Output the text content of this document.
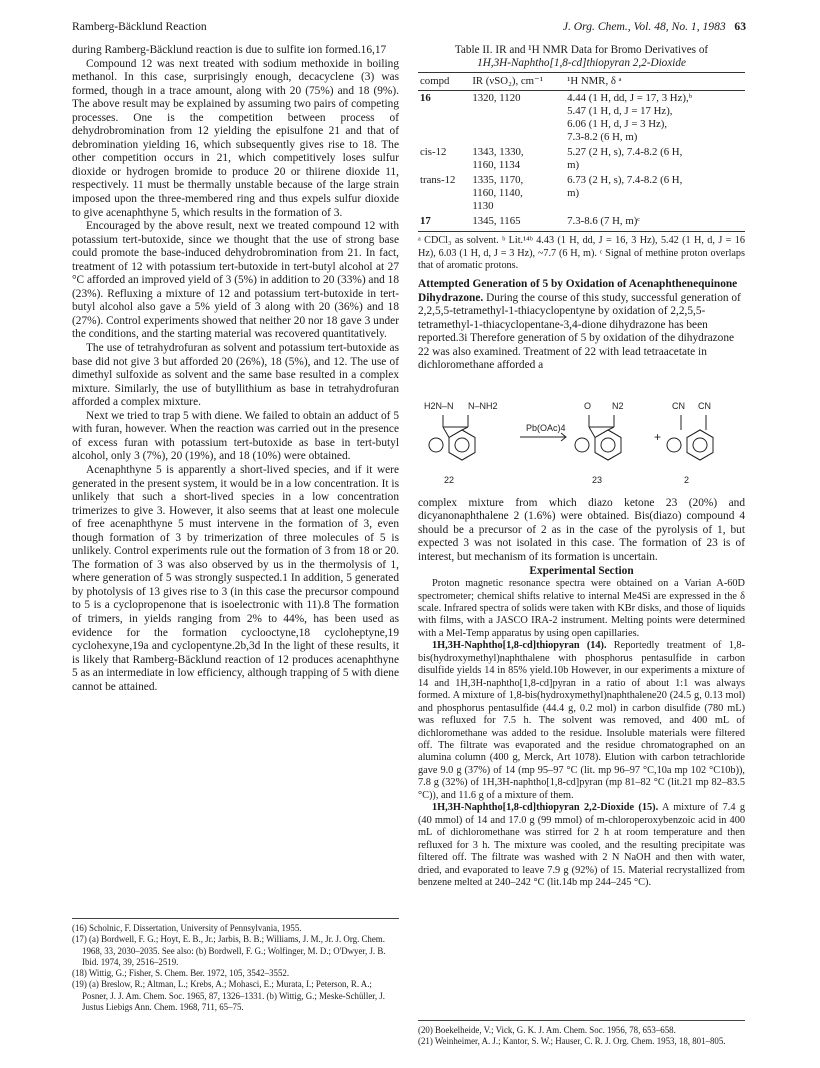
Ramberg-Bäcklund Reaction	J. Org. Chem., Vol. 48, No. 1, 1983 63

during Ramberg-Bäcklund reaction is due to sulfite ion formed.16,17

Compound 12 was next treated with sodium methoxide in boiling methanol. In this case, surprisingly enough, decacyclene (3) was formed, though in a trace amount, along with 20 (75%) and 18 (9%). The above result may be explained by assuming two pairs of competing processes. One is the competition between process of dehydrobromination from 12 yielding the episulfone 21 and that of debromination yielding 16, which subsequently gives rise to 18. The other competition occurs in 21, which competitively loses sulfur dioxide or hydrogen bromide to produce 20 or thiirene dioxide 11, respectively. 11 must be thermally unstable because of the large strain imposed upon the three-membered ring and thus expels sulfur dioxide to give acenaphthyne 5, which results in the formation of 3.

Encouraged by the above result, next we treated compound 12 with potassium tert-butoxide, since we thought that the use of strong base could promote the base-induced dehydrobromination from 21. In fact, treatment of 12 with potassium tert-butoxide in tert-butyl alcohol at 27 °C afforded an improved yield of 3 (5%) in addition to 20 (33%) and 18 (23%). Refluxing a mixture of 12 and potassium tert-butoxide in tert-butyl alcohol also gave a 5% yield of 3 along with 20 (36%) and 18 (27%). Control experiments showed that neither 20 nor 18 gave 3 under the conditions, and the starting material was recovered quantitatively.

The use of tetrahydrofuran as solvent and potassium tert-butoxide as base did not give 3 but afforded 20 (26%), 18 (5%), and 12. The use of dimethyl sulfoxide as solvent and the same base resulted in a complex mixture. Similarly, the use of butyllithium as base in tetrahydrofuran afforded a complex mixture.

Next we tried to trap 5 with diene. We failed to obtain an adduct of 5 with furan, however. When the reaction was carried out in the presence of excess furan with potassium tert-butoxide as base in tert-butyl alcohol, only 3 (7%), 20 (19%), and 18 (10%) were obtained.

Acenaphthyne 5 is apparently a short-lived species, and if it were generated in the present system, it would be in a low concentration. It is unlikely that such a short-lived species in a low concentration trimerizes to give 3. However, it also seems that at least one molecule of free acenaphthyne 5 must intervene in the formation of 3, even though formation of 3 by trimerization of three molecules of 5 is unlikely. Control experiments rule out the formation of 3 from 18 or 20. The formation of 3 was also observed by us in the thermolysis of 1, where generation of 5 was strongly suspected.1 In addition, 5 generated by photolysis of 13 gives rise to 3 (in this case the precursor compound to 5 is a cyclopropenone that is isoelectronic with 11).8 The formation of trimers, in yields ranging from 2% to 44%, has been used as evidence for the formation cyclooctyne,18 cycloheptyne,19 cyclohexyne,19a and cyclopentyne.2b,3d In the light of these results, it is likely that Ramberg-Bäcklund reaction of 12 produces acenaphthyne 5 as an intermediate in low efficiency, although trapping of 5 with diene cannot be attained.

(16) Scholnic, F. Dissertation, University of Pennsylvania, 1955.
(17) (a) Bordwell, F. G.; Hoyt, E. B., Jr.; Jarbis, B. B.; Williams, J. M., Jr. J. Org. Chem. 1968, 33, 2030–2035. See also: (b) Bordwell, F. G.; Wolfinger, M. D.; O'Dwyer, J. B. Ibid. 1974, 39, 2516–2519.
(18) Wittig, G.; Fisher, S. Chem. Ber. 1972, 105, 3542–3552.
(19) (a) Breslow, R.; Altman, L.; Krebs, A.; Mohasci, E.; Murata, I.; Peterson, R. A.; Posner, J. J. Am. Chem. Soc. 1965, 87, 1326–1331. (b) Wittig, G.; Meske-Schüller, J. Justus Liebigs Ann. Chem. 1968, 711, 65–75.
Table II. IR and ¹H NMR Data for Bromo Derivatives of
1H,3H-Naphtho[1,8-cd]thiopyran 2,2-Dioxide
compd	IR (νSO₂), cm⁻¹	¹H NMR, δ ᵃ
16	1320, 1120	4.44 (1 H, dd, J = 17, 3 Hz),ᵇ
5.47 (1 H, d, J = 17 Hz),
6.06 (1 H, d, J = 3 Hz),
7.3-8.2 (6 H, m)
cis-12	1343, 1330,
1160, 1134	5.27 (2 H, s), 7.4-8.2 (6 H,
m)
trans-12	1335, 1170,
1160, 1140,
1130	6.73 (2 H, s), 7.4-8.2 (6 H,
m)
17	1345, 1165	7.3-8.6 (7 H, m)ᶜ
ᵃ CDCl₃ as solvent. ᵇ Lit.¹⁴ᵇ 4.43 (1 H, dd, J = 16, 3 Hz), 5.42 (1 H, d, J = 16 Hz), 6.03 (1 H, d, J = 3 Hz), ~7.7 (6 H, m). ᶜ Signal of methine proton overlaps that of aromatic protons.

Attempted Generation of 5 by Oxidation of Acenaphthenequinone Dihydrazone. During the course of this study, successful generation of 2,2,5,5-tetramethyl-1-thiacyclopentyne by oxidation of 2,2,5,5-tetramethyl-1-thiacyclopentane-3,4-dione dihydrazone has been reported.3i Therefore generation of 5 by oxidation of the dihydrazone 22 was also examined. Treatment of 22 with lead tetraacetate in dichloromethane afforded a

H2N–N N–NH2	O N2	CN CN
Pb(OAc)4
+
22	23	2

complex mixture from which diazo ketone 23 (20%) and dicyanonaphthalene 2 (1.6%) were obtained. Bis(diazo) compound 4 should be a precursor of 2 as in the case of the pyrolysis of 1, but expected 3 was not isolated in this case. The formation of 23 is of interest, but mechanism of its formation is uncertain.

Experimental Section

Proton magnetic resonance spectra were obtained on a Varian A-60D spectrometer; chemical shifts relative to internal Me4Si are expressed in the δ scale. Infrared spectra of solids were taken with KBr disks, and those of liquids with films, with a JASCO IRA-2 instrument. Melting points were determined with a Mel-Temp apparatus by using open capillaries.

1H,3H-Naphtho[1,8-cd]thiopyran (14). Reportedly treatment of 1,8-bis(hydroxymethyl)naphthalene with phosphorus pentasulfide in carbon disulfide yields 14 in 85% yield.10b However, in our experiments a mixture of 14 and 1H,3H-naphtho[1,8-cd]pyran in a ratio of about 1:1 was always formed. A mixture of 1,8-bis(hydroxymethyl)naphthalene20 (24.5 g, 0.13 mol) and phosphorus pentasulfide (44.4 g, 0.2 mol) in carbon disulfide (780 mL) was refluxed for 7.5 h. The solvent was removed, and 400 mL of dichloromethane was added to the residue. Insoluble materials were filtered off. The filtrate was evaporated and the residue chromatographed on an alumina column (400 g, Merck, Art 1078). Elution with carbon tetrachloride gave 9.0 g (37%) of 14 (mp 95–97 °C (lit. mp 96–97 °C,10a mp 102 °C10b)), 7.8 g (32%) of 1H,3H-naphtho[1,8-cd]pyran (mp 81–82 °C (lit.21 mp 82–83.5 °C)), and 11.6 g of a mixture of them.

1H,3H-Naphtho[1,8-cd]thiopyran 2,2-Dioxide (15). A mixture of 7.4 g (40 mmol) of 14 and 17.0 g (99 mmol) of m-chloroperoxybenzoic acid in 400 mL of dichloromethane was stirred for 2 h at room temperature and then refluxed for 3 h. The mixture was cooled, and the resulting precipitate was filtered off. The filtrate was washed with 2 N NaOH and then with water, dried, and evaporated to leave 7.9 g (92%) of 15. Material recrystallized from benzene melted at 240–242 °C (lit.14b mp 244–245 °C).

(20) Boekelheide, V.; Vick, G. K. J. Am. Chem. Soc. 1956, 78, 653–658.
(21) Weinheimer, A. J.; Kantor, S. W.; Hauser, C. R. J. Org. Chem. 1953, 18, 801–805.
